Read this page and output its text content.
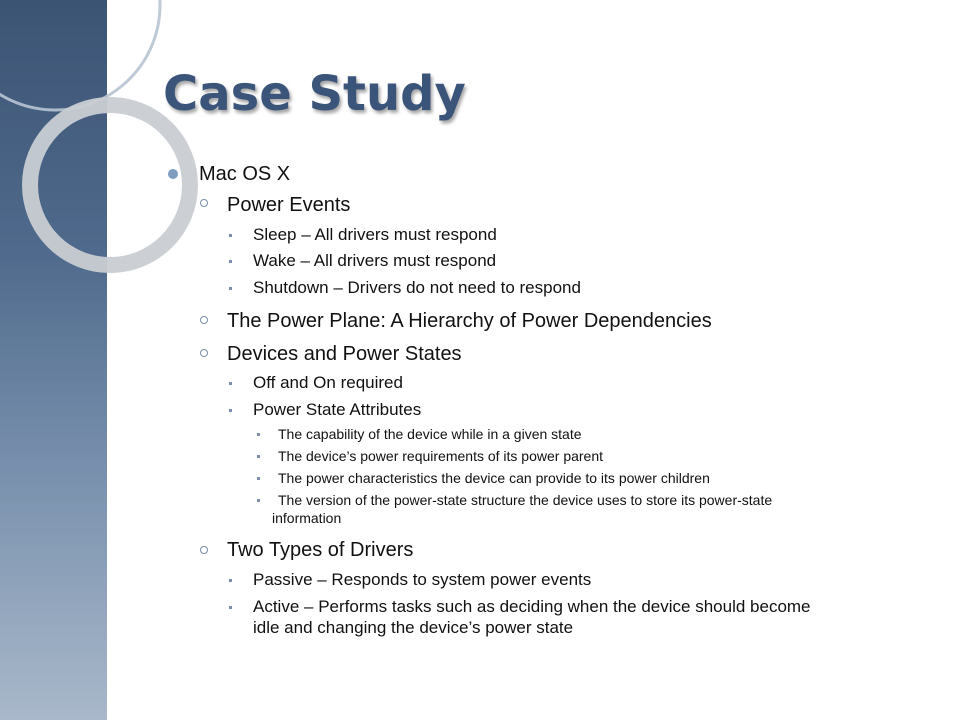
Case Study
Mac OS X
Power Events
Sleep – All drivers must respond
Wake – All drivers must respond
Shutdown – Drivers do not need to respond
The Power Plane: A Hierarchy of Power Dependencies
Devices and Power States
Off and On required
Power State Attributes
The capability of the device while in a given state
The device’s power requirements of its power parent
The power characteristics the device can provide to its power children
The version of the power-state structure the device uses to store its power-state
information
Two Types of Drivers
Passive – Responds to system power events
Active – Performs tasks such as deciding when the device should become
idle and changing the device’s power state
